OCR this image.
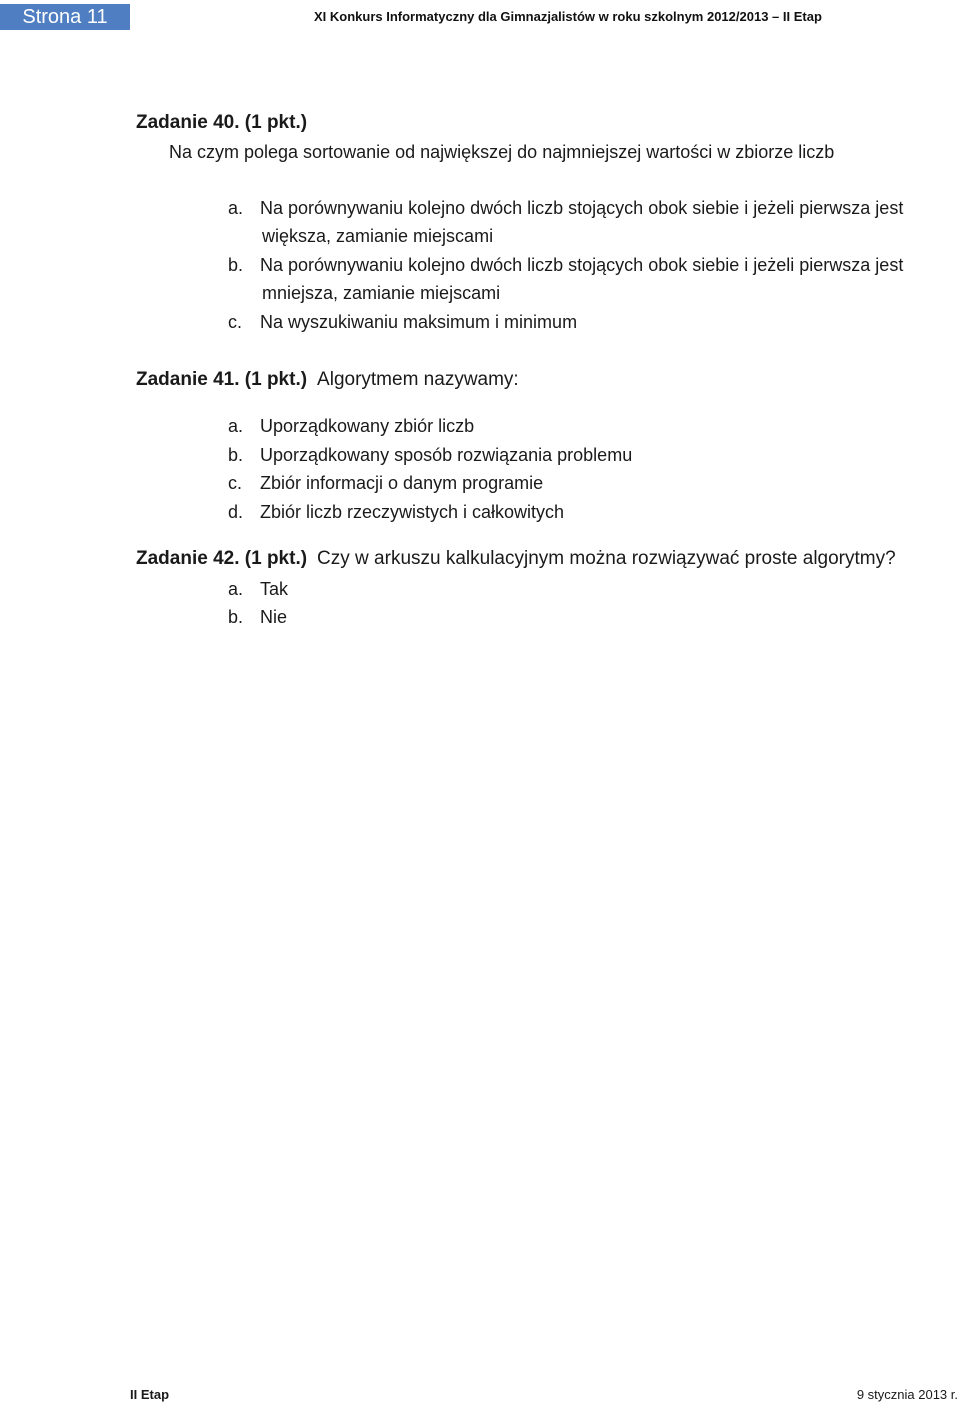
Strona 11	XI Konkurs Informatyczny dla Gimnazjalistów w roku szkolnym 2012/2013 – II Etap
Zadanie 40. (1 pkt.)
Na czym polega sortowanie od największej do najmniejszej wartości w zbiorze liczb
a. Na porównywaniu kolejno dwóch liczb stojących obok siebie i jeżeli pierwsza jest
większa, zamianie miejscami
b. Na porównywaniu kolejno dwóch liczb stojących obok siebie i jeżeli pierwsza jest
mniejsza, zamianie miejscami
c. Na wyszukiwaniu maksimum i minimum
Zadanie 41. (1 pkt.) Algorytmem nazywamy:
a. Uporządkowany zbiór liczb
b. Uporządkowany sposób rozwiązania problemu
c. Zbiór informacji o danym programie
d. Zbiór liczb rzeczywistych i całkowitych
Zadanie 42. (1 pkt.) Czy w arkuszu kalkulacyjnym można rozwiązywać proste algorytmy?
a. Tak
b. Nie
II Etap	9 stycznia 2013 r.
